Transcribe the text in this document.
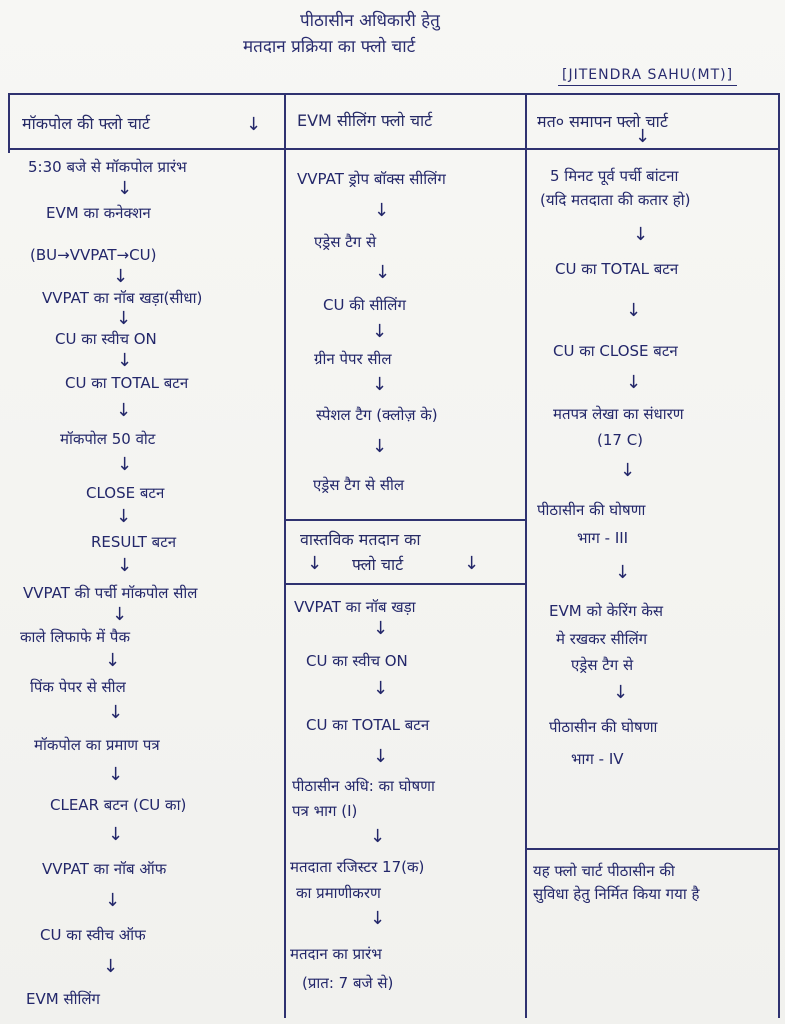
पीठासीन अधिकारी हेतु
मतदान प्रक्रिया का फ्लो चार्ट
[JITENDRA SAHU(MT)]
मॉकपोल की फ्लो चार्ट	↓ EVM सीलिंग फ्लो चार्ट	मत० समापन फ्लो चार्ट
↓
5:30 बजे से मॉकपोल प्रारंभ
↓
EVM का कनेक्शन
(BU→VVPAT→CU)
↓
VVPAT का नॉब खड़ा(सीधा)
↓
CU का स्वीच ON
↓
CU का TOTAL बटन
↓
मॉकपोल 50 वोट
↓
CLOSE बटन
↓
RESULT बटन
↓
VVPAT की पर्ची मॉकपोल सील
↓
काले लिफाफे में पैक
↓
पिंक पेपर से सील
↓
मॉकपोल का प्रमाण पत्र
↓
CLEAR बटन (CU का)
↓
VVPAT का नॉब ऑफ
↓
CU का स्वीच ऑफ
↓
EVM सीलिंग
VVPAT ड्रोप बॉक्स सीलिंग
↓
एड्रेस टैग से
↓
CU की सीलिंग
↓
ग्रीन पेपर सील
↓
स्पेशल टैग (क्लोज़ के)
↓
एड्रेस टैग से सील
वास्तविक मतदान का
↓ फ्लो चार्ट	↓
VVPAT का नॉब खड़ा
↓
CU का स्वीच ON
↓
CU का TOTAL बटन
↓
पीठासीन अधि: का घोषणा
पत्र भाग (I)
↓
मतदाता रजिस्टर 17(क)
का प्रमाणीकरण
↓
मतदान का प्रारंभ
(प्रात: 7 बजे से)
5 मिनट पूर्व पर्ची बांटना
(यदि मतदाता की कतार हो)
↓
CU का TOTAL बटन
↓
CU का CLOSE बटन
↓
मतपत्र लेखा का संधारण
(17 C)
↓
पीठासीन की घोषणा
भाग - III
↓
EVM को केरिंग केस
मे रखकर सीलिंग
एड्रेस टैग से
↓
पीठासीन की घोषणा
भाग - IV
यह फ्लो चार्ट पीठासीन की
सुविधा हेतु निर्मित किया गया है
